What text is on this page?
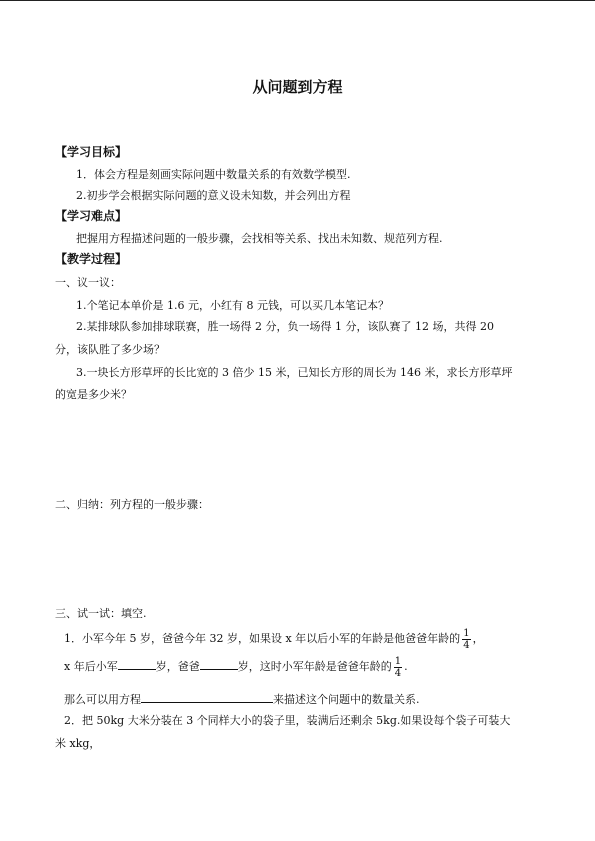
从问题到方程
【学习目标】
1．体会方程是刻画实际问题中数量关系的有效数学模型.
2.初步学会根据实际问题的意义设未知数，并会列出方程
【学习难点】
把握用方程描述问题的一般步骤，会找相等关系、找出未知数、规范列方程.
【教学过程】
一、议一议：
1.个笔记本单价是 1.6 元，小红有 8 元钱，可以买几本笔记本？
2.某排球队参加排球联赛，胜一场得 2 分，负一场得 1 分，该队赛了 12 场，共得 20
分，该队胜了多少场？
3.一块长方形草坪的长比宽的 3 倍少 15 米，已知长方形的周长为 146 米，求长方形草坪
的宽是多少米？
二、归纳：列方程的一般步骤：
三、试一试：填空.
1．小军今年 5 岁，爸爸今年 32 岁，如果设 x 年以后小军的年龄是他爸爸年龄的 $\frac{1}{4}$ ，
x 年后小军	岁，爸爸	岁，这时小军年龄是爸爸年龄的 $\frac{1}{4}$ .
那么可以用方程	来描述这个问题中的数量关系.
2．把 50kg 大米分装在 3 个同样大小的袋子里，装满后还剩余 5kg.如果设每个袋子可装大
米 xkg，
